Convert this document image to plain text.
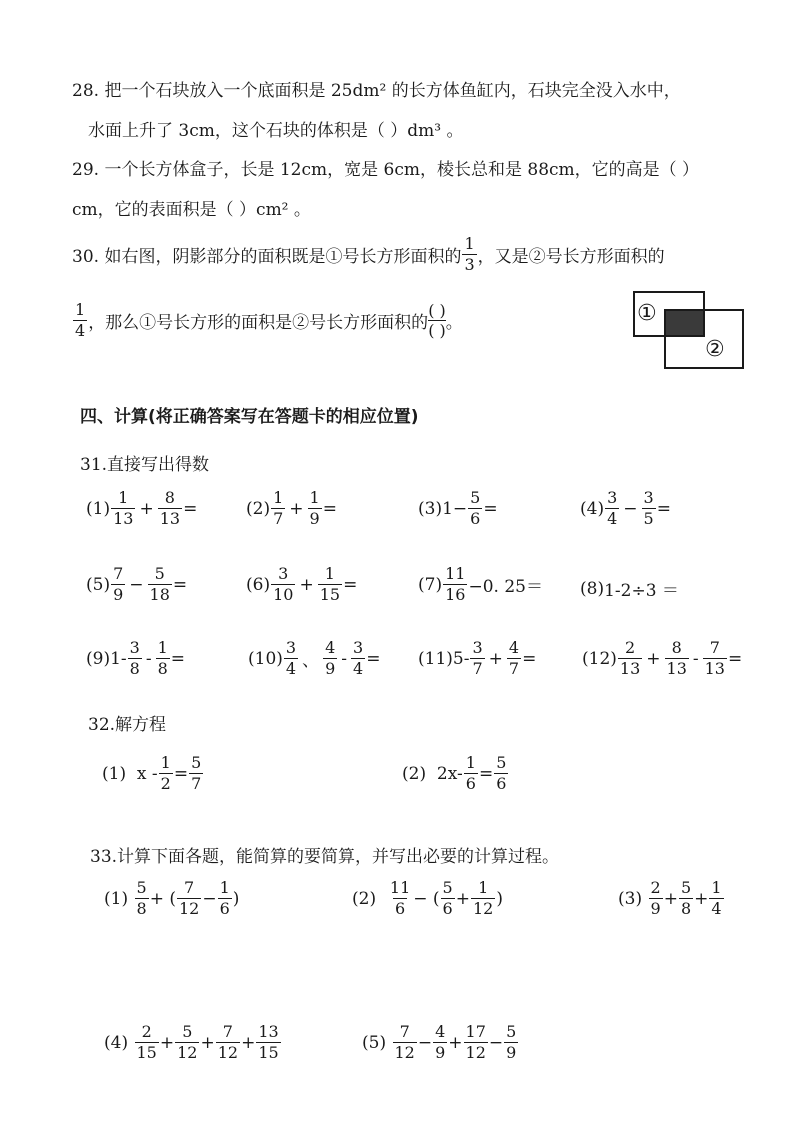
28. 把一个石块放入一个底面积是 25dm² 的长方体鱼缸内，石块完全没入水中，
水面上升了 3cm，这个石块的体积是（ ）dm³ 。
29. 一个长方体盒子，长是 12cm，宽是 6cm，棱长总和是 88cm，它的高是（ ）
cm，它的表面积是（ ）cm² 。
30. 如右图，阴影部分的面积既是①号长方形面积的 $\frac{1}{3}$ ，又是②号长方形面积的
$\frac{1}{4}$ ，那么①号长方形的面积是②号长方形面积的 $\frac{( )}{( )}$ 。	①
②
四、计算(将正确答案写在答题卡的相应位置)
31.直接写出得数
$(1) \frac{1}{13} + \frac{8}{13}$ =	$(2) \frac{1}{7} + \frac{1}{9}$ =	(3) $1- \frac{5}{6}$ =	$(4) \frac{3}{4} - \frac{3}{5}$ =
$(5) \frac{7}{9} - \frac{5}{18}$ =	$(6) \frac{3}{10} + \frac{1}{15}$ =	$(7) \frac{11}{16} -0$. 25＝ (8) 1-2÷3 ＝
(9) $1- \frac{3}{8} - \frac{1}{8}$ =	$(10) \frac{3}{4}$ 、 $\frac{4}{9} - \frac{3}{4} = (11)$ $5- \frac{3}{7} + \frac{4}{7}$ =	$(12) \frac{2}{13} + \frac{8}{13} - \frac{7}{13}$ =
32.解方程
(1)
$x - \frac{1}{2} = \frac{5}{7}$	(2)
$2x- \frac{1}{6} = \frac{5}{6}$
33.计算下面各题，能简算的要简算，并写出必要的计算过程。
(1)
$\frac{5}{8}$ + ( $\frac{7}{12} - \frac{1}{6}$ )	(2)
$\frac{11}{6}$ − ( $\frac{5}{6} + \frac{1}{12}$ )	(3)
$\frac{2}{9} + \frac{5}{8} + \frac{1}{4}$
(4)
$\frac{2}{15} + \frac{5}{12} + \frac{7}{12} + \frac{13}{15}$	(5)
$\frac{7}{12} - \frac{4}{9} + \frac{17}{12} - \frac{5}{9}$
